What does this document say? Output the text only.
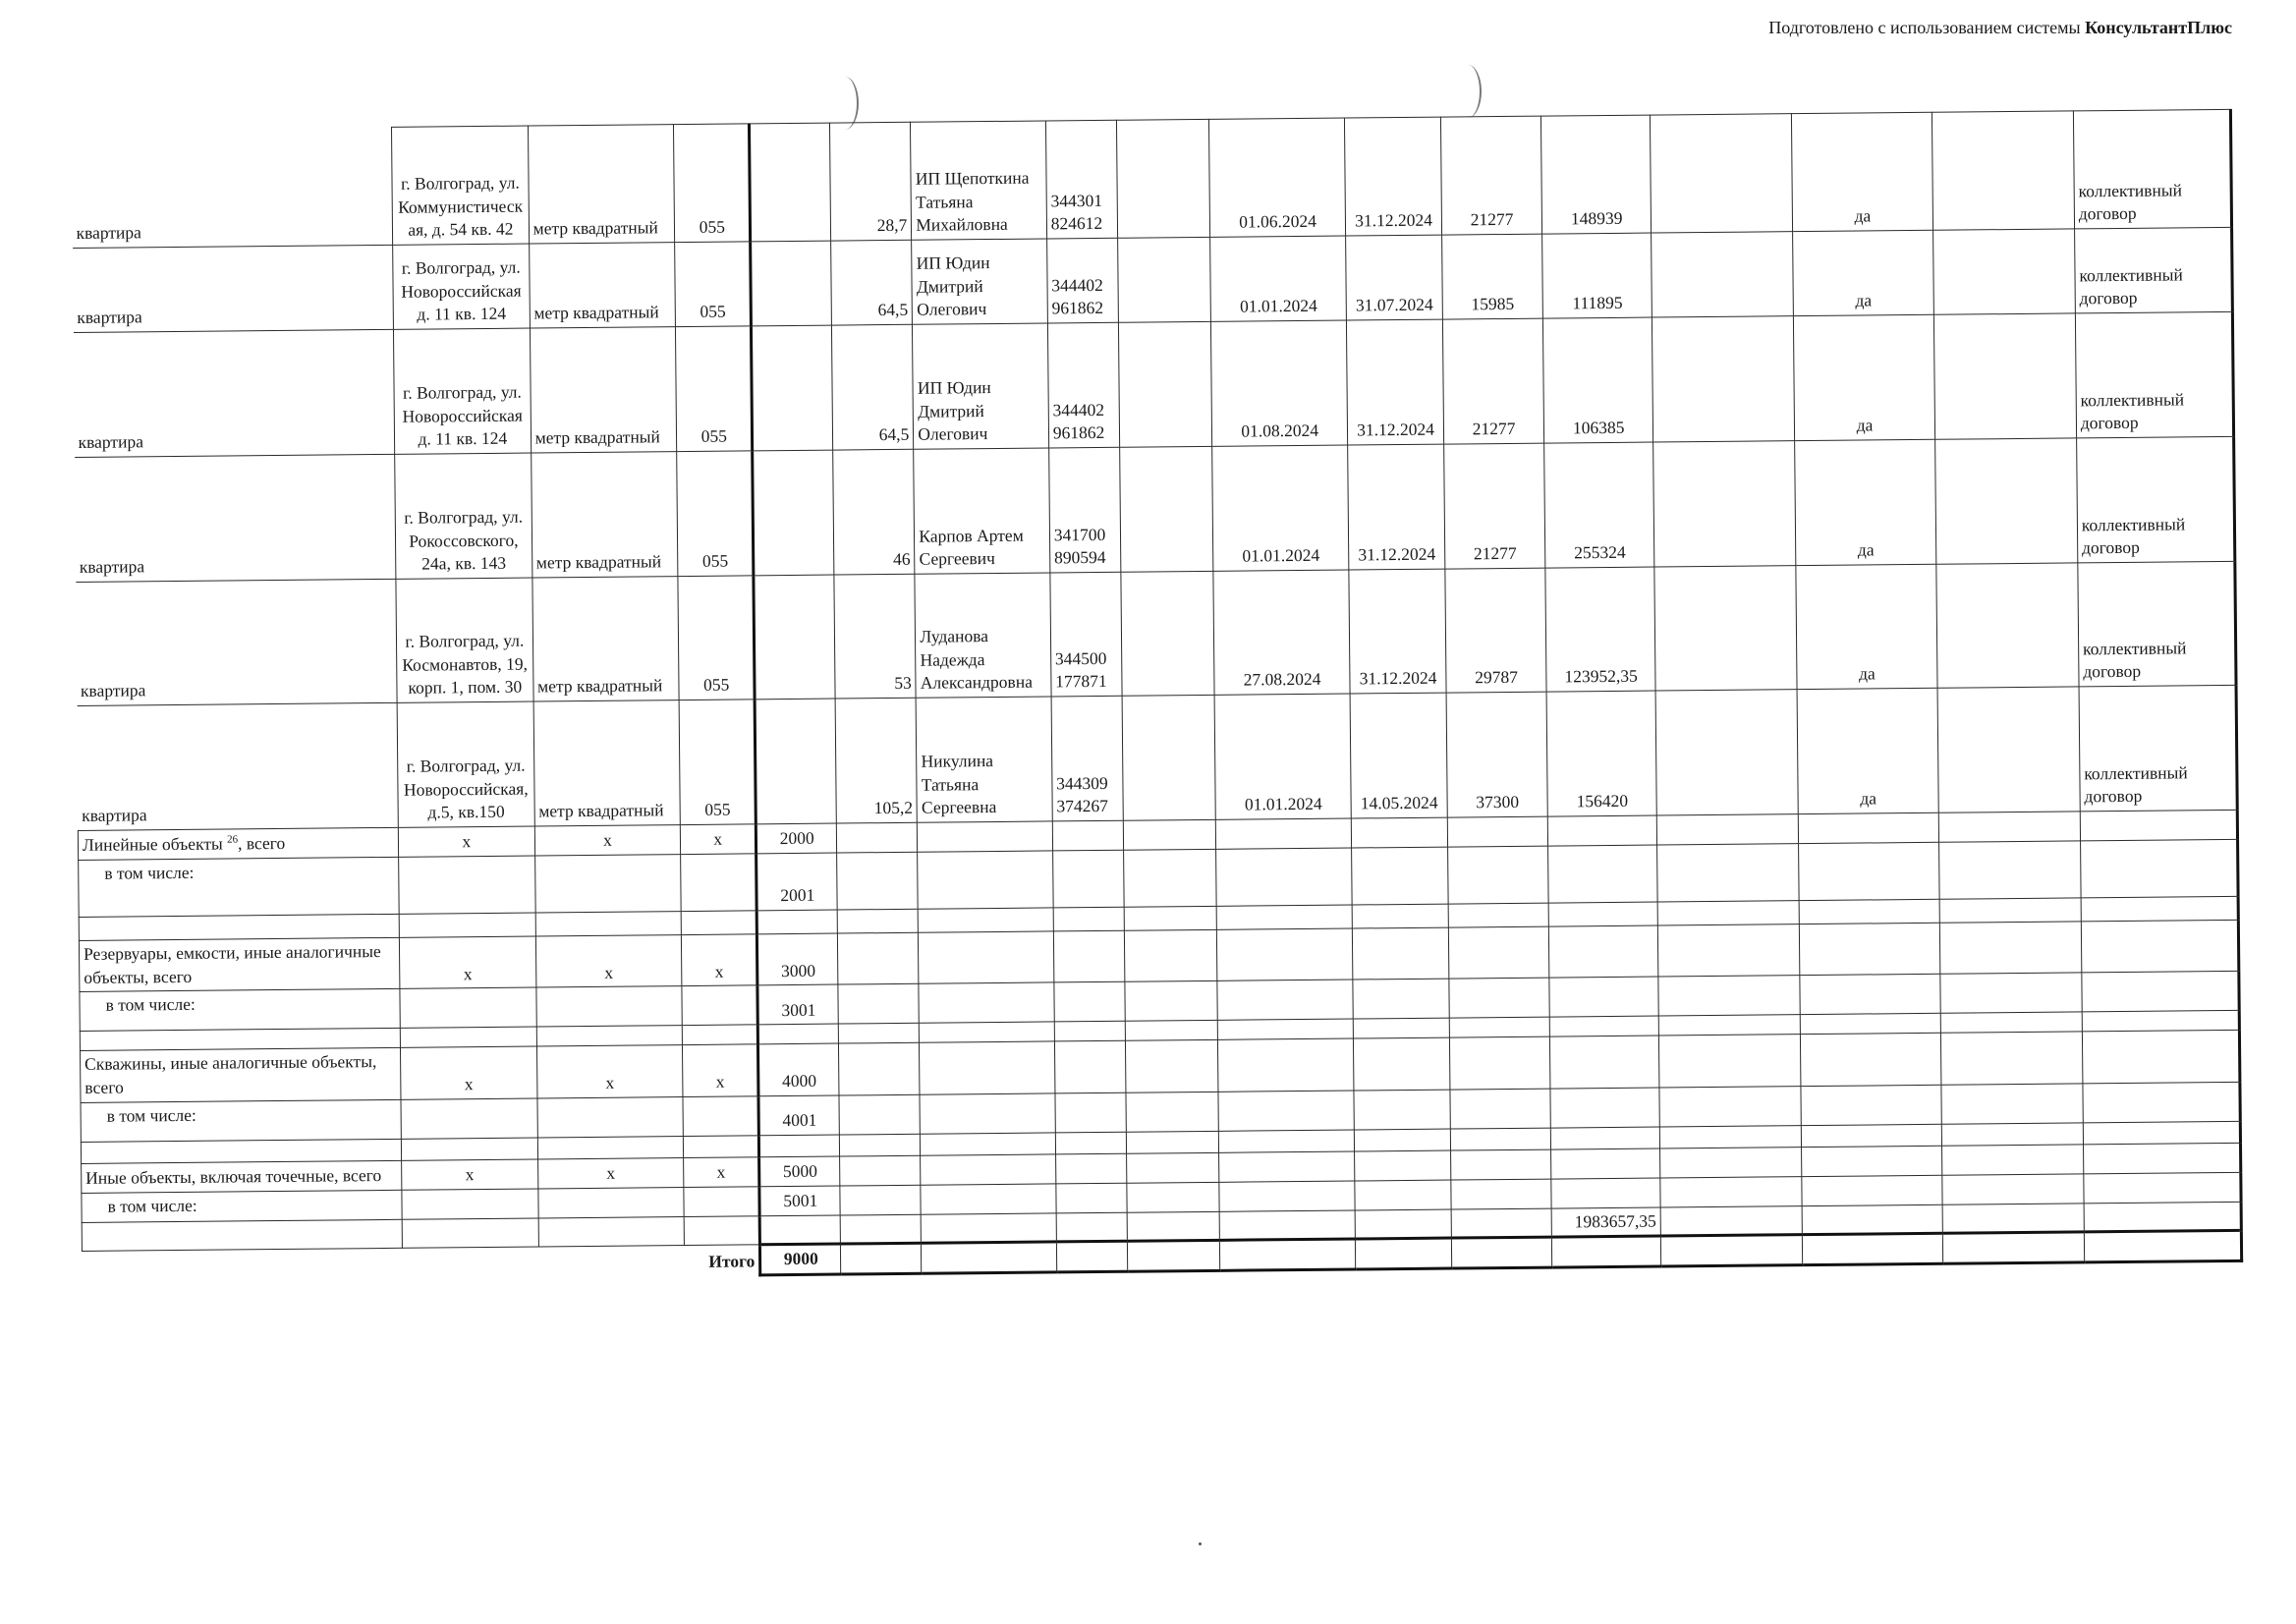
Подготовлено с использованием системы КонсультантПлюс
квартира	г. Волгоград, ул. Коммунистическ ая, д. 54 кв. 42	метр квадратный	055		28,7	ИП Щепоткина Татьяна Михайловна	344301 824612		01.06.2024	31.12.2024	21277	148939		да		коллективный договор
квартира	г. Волгоград, ул. Новороссийская д. 11 кв. 124	метр квадратный	055		64,5	ИП Юдин Дмитрий Олегович	344402 961862		01.01.2024	31.07.2024	15985	111895		да		коллективный договор
квартира	г. Волгоград, ул. Новороссийская д. 11 кв. 124	метр квадратный	055		64,5	ИП Юдин Дмитрий Олегович	344402 961862		01.08.2024	31.12.2024	21277	106385		да		коллективный договор
квартира	г. Волгоград, ул. Рокоссовского, 24а, кв. 143	метр квадратный	055		46	Карпов Артем Сергеевич	341700 890594		01.01.2024	31.12.2024	21277	255324		да		коллективный договор
квартира	г. Волгоград, ул. Космонавтов, 19, корп. 1, пом. 30	метр квадратный	055		53	Луданова Надежда Александровна	344500 177871		27.08.2024	31.12.2024	29787	123952,35		да		коллективный договор
квартира	г. Волгоград, ул. Новороссийская, д.5, кв.150	метр квадратный	055		105,2	Никулина Татьяна Сергеевна	344309 374267		01.01.2024	14.05.2024	37300	156420		да		коллективный договор
Линейные объекты $^{26}$, всего	x	x	x	2000												
в том числе:				2001												

Резервуары, емкости, иные аналогичные объекты, всего	x	x	x	3000												
в том числе:				3001												

Скважины, иные аналогичные объекты, всего	x	x	x	4000												
в том числе:				4001												

Иные объекты, включая точечные, всего	x	x	x	5000												
в том числе:				5001												
												1983657,35				
Итого				9000												
